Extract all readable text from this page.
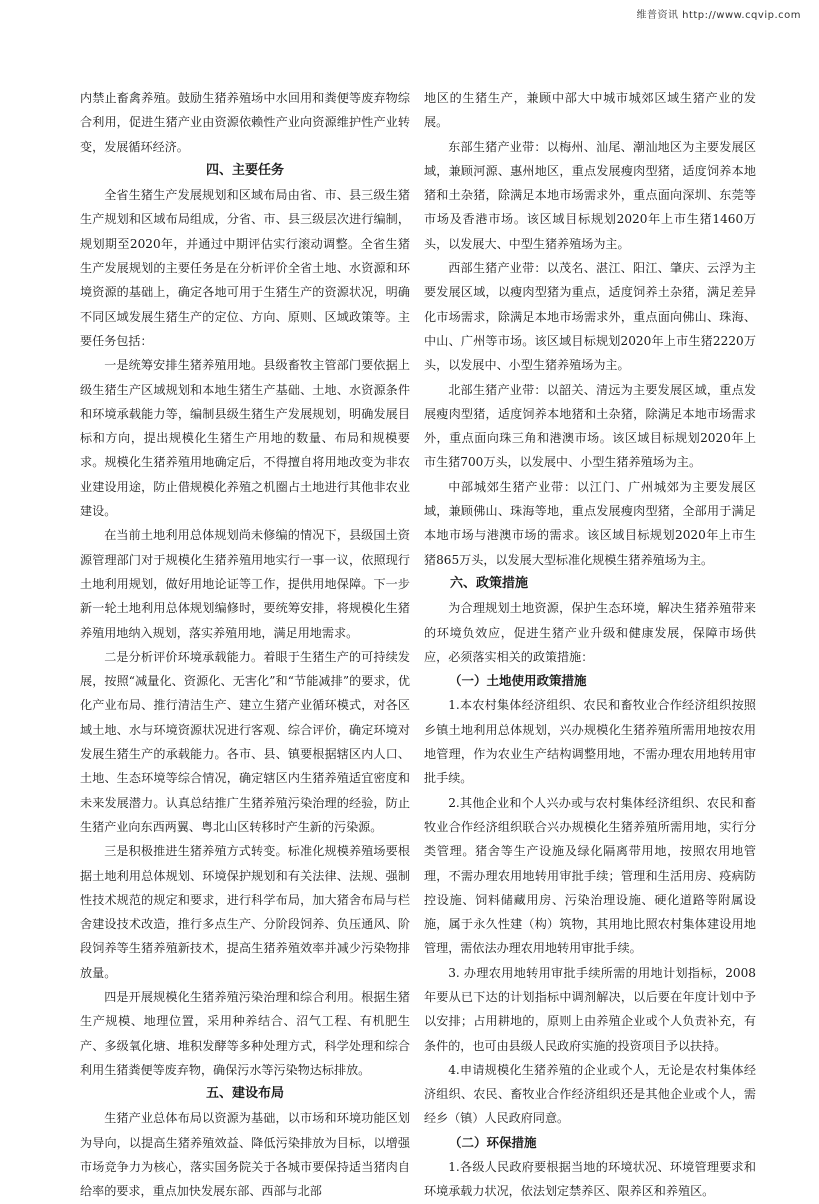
维普资讯 http://www.cqvip.com

内禁止畜禽养殖。鼓励生猪养殖场中水回用和粪便等废弃物综合利用，促进生猪产业由资源依赖性产业向资源维护性产业转变，发展循环经济。

四、主要任务

全省生猪生产发展规划和区域布局由省、市、县三级生猪生产规划和区域布局组成，分省、市、县三级层次进行编制，规划期至2020年，并通过中期评估实行滚动调整。全省生猪生产发展规划的主要任务是在分析评价全省土地、水资源和环境资源的基础上，确定各地可用于生猪生产的资源状况，明确不同区域发展生猪生产的定位、方向、原则、区域政策等。主要任务包括：

一是统筹安排生猪养殖用地。县级畜牧主管部门要依据上级生猪生产区域规划和本地生猪生产基础、土地、水资源条件和环境承载能力等，编制县级生猪生产发展规划，明确发展目标和方向，提出规模化生猪生产用地的数量、布局和规模要求。规模化生猪养殖用地确定后，不得擅自将用地改变为非农业建设用途，防止借规模化养殖之机圈占土地进行其他非农业建设。

在当前土地利用总体规划尚未修编的情况下，县级国土资源管理部门对于规模化生猪养殖用地实行一事一议，依照现行土地利用规划，做好用地论证等工作，提供用地保障。下一步新一轮土地利用总体规划编修时，要统筹安排，将规模化生猪养殖用地纳入规划，落实养殖用地，满足用地需求。

二是分析评价环境承载能力。着眼于生猪生产的可持续发展，按照“减量化、资源化、无害化”和“节能减排”的要求，优化产业布局、推行清洁生产、建立生猪产业循环模式，对各区域土地、水与环境资源状况进行客观、综合评价，确定环境对发展生猪生产的承载能力。各市、县、镇要根据辖区内人口、土地、生态环境等综合情况，确定辖区内生猪养殖适宜密度和未来发展潜力。认真总结推广生猪养殖污染治理的经验，防止生猪产业向东西两翼、粤北山区转移时产生新的污染源。

三是积极推进生猪养殖方式转变。标准化规模养殖场要根据土地利用总体规划、环境保护规划和有关法律、法规、强制性技术规范的规定和要求，进行科学布局，加大猪舍布局与栏舍建设技术改造，推行多点生产、分阶段饲养、负压通风、阶段饲养等生猪养殖新技术，提高生猪养殖效率并减少污染物排放量。

四是开展规模化生猪养殖污染治理和综合利用。根据生猪生产规模、地理位置，采用种养结合、沼气工程、有机肥生产、多级氧化塘、堆积发酵等多种处理方式，科学处理和综合利用生猪粪便等废弃物，确保污水等污染物达标排放。

五、建设布局

生猪产业总体布局以资源为基础，以市场和环境功能区划为导向，以提高生猪养殖效益、降低污染排放为目标，以增强市场竞争力为核心，落实国务院关于各城市要保持适当猪肉自给率的要求，重点加快发展东部、西部与北部

地区的生猪生产，兼顾中部大中城市城郊区域生猪产业的发展。

东部生猪产业带：以梅州、汕尾、潮汕地区为主要发展区域，兼顾河源、惠州地区，重点发展瘦肉型猪，适度饲养本地猪和土杂猪，除满足本地市场需求外，重点面向深圳、东莞等市场及香港市场。该区域目标规划2020年上市生猪1460万头，以发展大、中型生猪养殖场为主。

西部生猪产业带：以茂名、湛江、阳江、肇庆、云浮为主要发展区域，以瘦肉型猪为重点，适度饲养土杂猪，满足差异化市场需求，除满足本地市场需求外，重点面向佛山、珠海、中山、广州等市场。该区域目标规划2020年上市生猪2220万头，以发展中、小型生猪养殖场为主。

北部生猪产业带：以韶关、清远为主要发展区域，重点发展瘦肉型猪，适度饲养本地猪和土杂猪，除满足本地市场需求外，重点面向珠三角和港澳市场。该区域目标规划2020年上市生猪700万头，以发展中、小型生猪养殖场为主。

中部城郊生猪产业带：以江门、广州城郊为主要发展区域，兼顾佛山、珠海等地，重点发展瘦肉型猪，全部用于满足本地市场与港澳市场的需求。该区域目标规划2020年上市生猪865万头，以发展大型标准化规模生猪养殖场为主。

六、政策措施

为合理规划土地资源，保护生态环境，解决生猪养殖带来的环境负效应，促进生猪产业升级和健康发展，保障市场供应，必须落实相关的政策措施：

（一）土地使用政策措施

1.本农村集体经济组织、农民和畜牧业合作经济组织按照乡镇土地利用总体规划，兴办规模化生猪养殖所需用地按农用地管理，作为农业生产结构调整用地，不需办理农用地转用审批手续。

2.其他企业和个人兴办或与农村集体经济组织、农民和畜牧业合作经济组织联合兴办规模化生猪养殖所需用地，实行分类管理。猪舍等生产设施及绿化隔离带用地，按照农用地管理，不需办理农用地转用审批手续；管理和生活用房、疫病防控设施、饲料储藏用房、污染治理设施、硬化道路等附属设施，属于永久性建（构）筑物，其用地比照农村集体建设用地管理，需依法办理农用地转用审批手续。

3. 办理农用地转用审批手续所需的用地计划指标，2008年要从已下达的计划指标中调剂解决，以后要在年度计划中予以安排；占用耕地的，原则上由养殖企业或个人负责补充，有条件的，也可由县级人民政府实施的投资项目予以扶持。

4.申请规模化生猪养殖的企业或个人，无论是农村集体经济组织、农民、畜牧业合作经济组织还是其他企业或个人，需经乡（镇）人民政府同意。

（二）环保措施

1.各级人民政府要根据当地的环境状况、环境管理要求和环境承载力状况，依法划定禁养区、限养区和养殖区。
